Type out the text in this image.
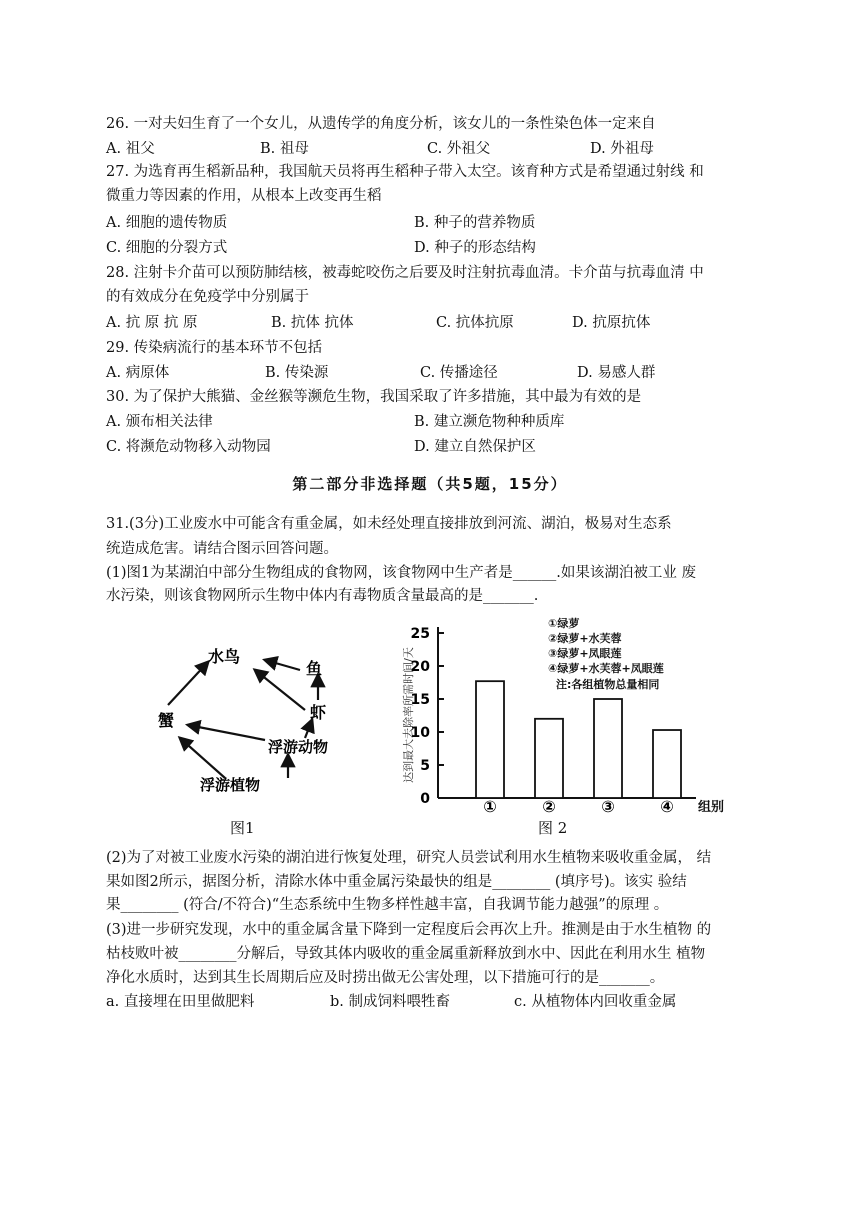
26. 一对夫妇生育了一个女儿，从遗传学的角度分析，该女儿的一条性染色体一定来自
A. 祖父	B. 祖母	C. 外祖父	D. 外祖母
27. 为选育再生稻新品种，我国航天员将再生稻种子带入太空。该育种方式是希望通过射线 和
微重力等因素的作用，从根本上改变再生稻
A. 细胞的遗传物质	B. 种子的营养物质
C. 细胞的分裂方式	D. 种子的形态结构
28. 注射卡介苗可以预防肺结核，被毒蛇咬伤之后要及时注射抗毒血清。卡介苗与抗毒血清 中
的有效成分在免疫学中分别属于
A. 抗 原 抗 原	B. 抗体 抗体	C. 抗体抗原	D. 抗原抗体
29. 传染病流行的基本环节不包括
A. 病原体	B. 传染源	C. 传播途径	D. 易感人群
30. 为了保护大熊猫、金丝猴等濒危生物，我国采取了许多措施，其中最为有效的是
A. 颁布相关法律	B. 建立濒危物种种质库
C. 将濒危动物移入动物园	D. 建立自然保护区
第二部分非选择题（共5题，15分）
31.(3分)工业废水中可能含有重金属，如未经处理直接排放到河流、湖泊，极易对生态系
统造成危害。请结合图示回答问题。
(1)图1为某湖泊中部分生物组成的食物网，该食物网中生产者是______.如果该湖泊被工业 废
水污染，则该食物网所示生物中体内有毒物质含量最高的是_______.
水鸟
鱼
虾
蟹
浮游动物
浮游植物
图1
达到最大去除率所需时间/天
0
5
10
15
20
25
①	②	③	④ 组别
①绿萝
②绿萝+水芙蓉
③绿萝+凤眼莲
④绿萝+水芙蓉+凤眼莲
注:各组植物总量相同
图 2
(2)为了对被工业废水污染的湖泊进行恢复处理，研究人员尝试利用水生植物来吸收重金属， 结
果如图2所示，据图分析，清除水体中重金属污染最快的组是________ (填序号)。该实 验结
果________ (符合/不符合)“生态系统中生物多样性越丰富，自我调节能力越强”的原理 。
(3)进一步研究发现，水中的重金属含量下降到一定程度后会再次上升。推测是由于水生植物 的
枯枝败叶被________分解后，导致其体内吸收的重金属重新释放到水中、因此在利用水生 植物
净化水质时，达到其生长周期后应及时捞出做无公害处理，以下措施可行的是_______。
a. 直接埋在田里做肥料	b. 制成饲料喂牲畜	c. 从植物体内回收重金属
